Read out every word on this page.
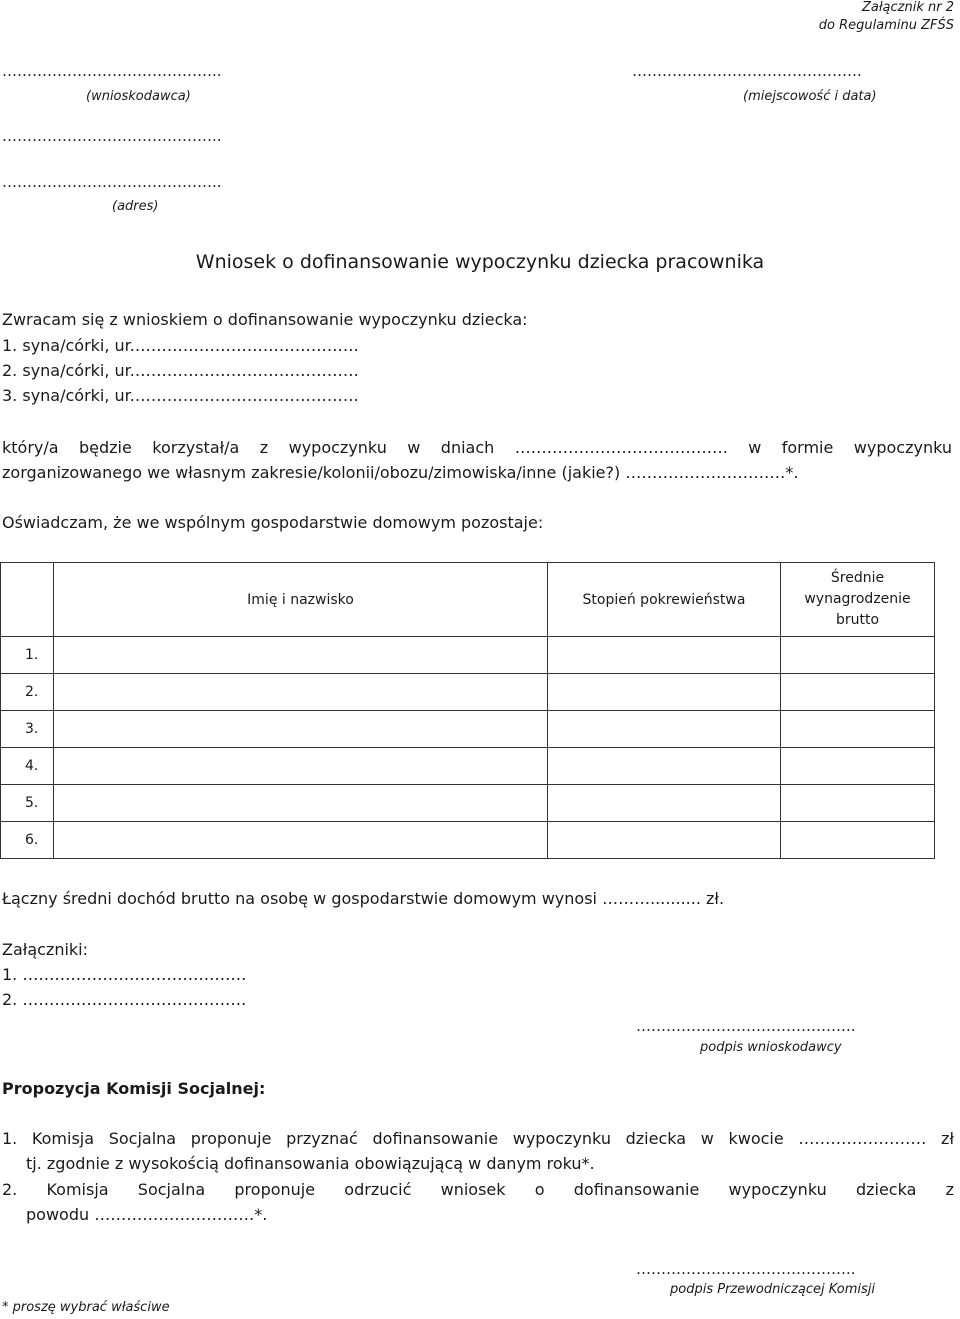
Załącznik nr 2
do Regulaminu ZFŚS
……………………………………..
(wnioskodawca)
……………………………………….
(miejscowość i data)
……………………………………..
……………………………………..
(adres)
Wniosek o dofinansowanie wypoczynku dziecka pracownika
Zwracam się z wnioskiem o dofinansowanie wypoczynku dziecka:
1. syna/córki, ur.……………………………………
2. syna/córki, ur.……………………………………
3. syna/córki, ur.……………………………………
który/a będzie korzystał/a z wypoczynku w dniach …………………………………. w formie wypoczynku
zorganizowanego we własnym zakresie/kolonii/obozu/zimowiska/inne (jakie?) …………………………*.
Oświadczam, że we wspólnym gospodarstwie domowym pozostaje:
	Imię i nazwisko	Stopień pokrewieństwa	Średnie wynagrodzenie brutto

1.			
2.			
3.			
4.			
5.			
6.			
Łączny średni dochód brutto na osobę w gospodarstwie domowym wynosi ……….......... zł.
Załączniki:
1. ……………………………………
2. ……………………………………
……………………………………..
podpis wnioskodawcy
Propozycja Komisji Socjalnej:
1. Komisja Socjalna proponuje przyznać dofinansowanie wypoczynku dziecka w kwocie …………………… zł
tj. zgodnie z wysokością dofinansowania obowiązującą w danym roku*.
2. Komisja Socjalna proponuje odrzucić wniosek o dofinansowanie wypoczynku dziecka z
powodu …………………………*.
……………………………………..
podpis Przewodniczącej Komisji
* proszę wybrać właściwe
